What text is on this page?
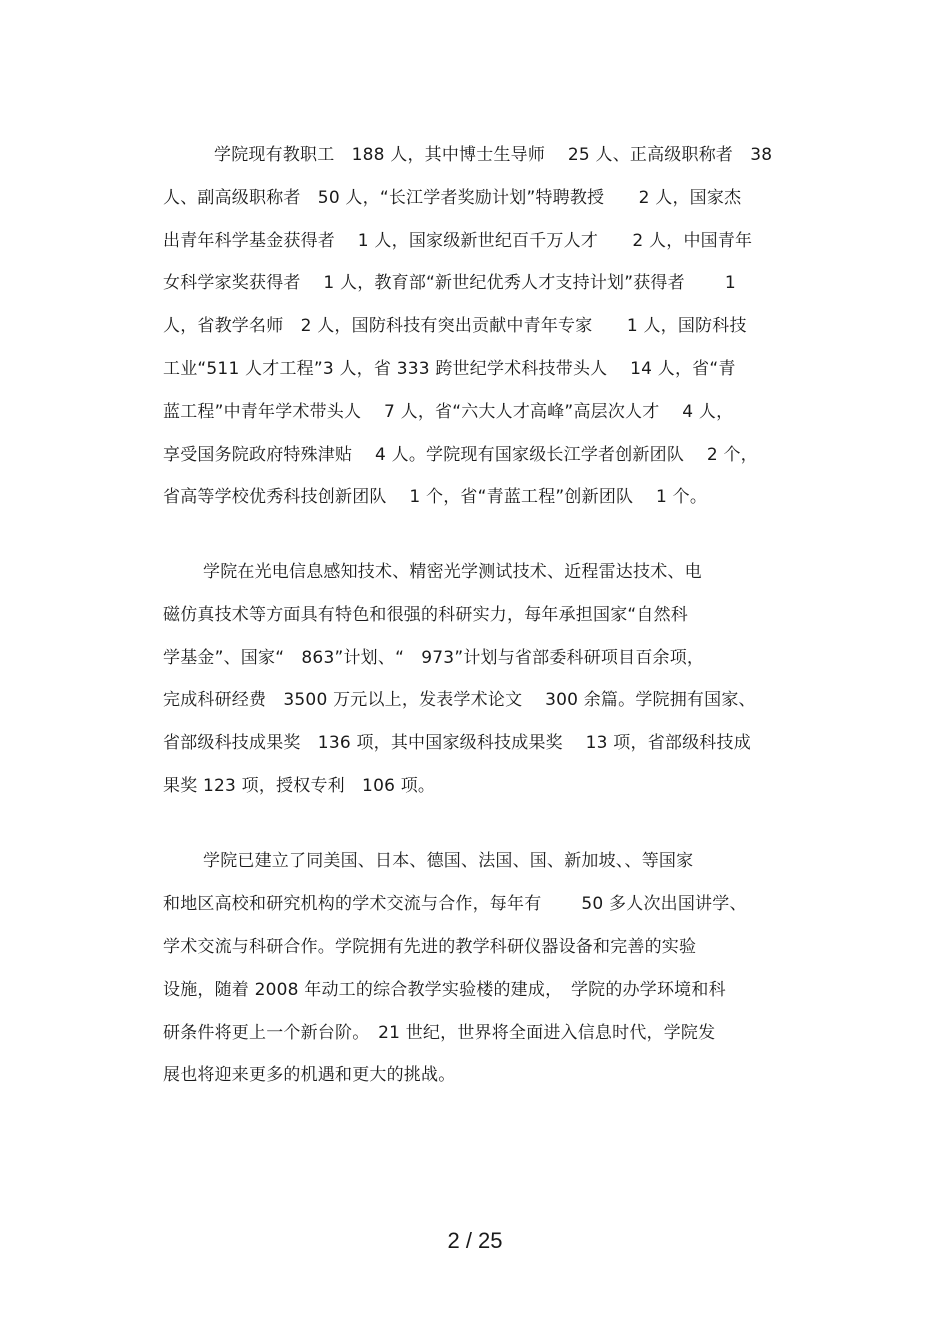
学院现有教职工　188 人，其中博士生导师　 25 人、正高级职称者　38
人、副高级职称者　50 人，“长江学者奖励计划”特聘教授　　2 人，国家杰
出青年科学基金获得者　 1 人，国家级新世纪百千万人才　　2 人，中国青年
女科学家奖获得者　 1 人，教育部“新世纪优秀人才支持计划”获得者　　 1
人，省教学名师　2 人，国防科技有突出贡献中青年专家　　1 人，国防科技
工业“511 人才工程”3 人，省 333 跨世纪学术科技带头人　 14 人，省“青
蓝工程”中青年学术带头人　 7 人，省“六大人才高峰”高层次人才　 4 人，
享受国务院政府特殊津贴　 4 人。学院现有国家级长江学者创新团队　 2 个，
省高等学校优秀科技创新团队　 1 个，省“青蓝工程”创新团队　 1 个。
学院在光电信息感知技术、精密光学测试技术、近程雷达技术、电
磁仿真技术等方面具有特色和很强的科研实力，每年承担国家“自然科
学基金”、国家“　863”计划、“　973”计划与省部委科研项目百余项，
完成科研经费　3500 万元以上，发表学术论文　 300 余篇。学院拥有国家、
省部级科技成果奖　136 项，其中国家级科技成果奖　 13 项，省部级科技成
果奖 123 项，授权专利　106 项。
学院已建立了同美国、日本、德国、法国、国、新加坡、、等国家
和地区高校和研究机构的学术交流与合作，每年有　　 50 多人次出国讲学、
学术交流与科研合作。学院拥有先进的教学科研仪器设备和完善的实验
设施，随着 2008 年动工的综合教学实验楼的建成，　学院的办学环境和科
研条件将更上一个新台阶。　21 世纪，世界将全面进入信息时代，学院发
展也将迎来更多的机遇和更大的挑战。
2 / 25
